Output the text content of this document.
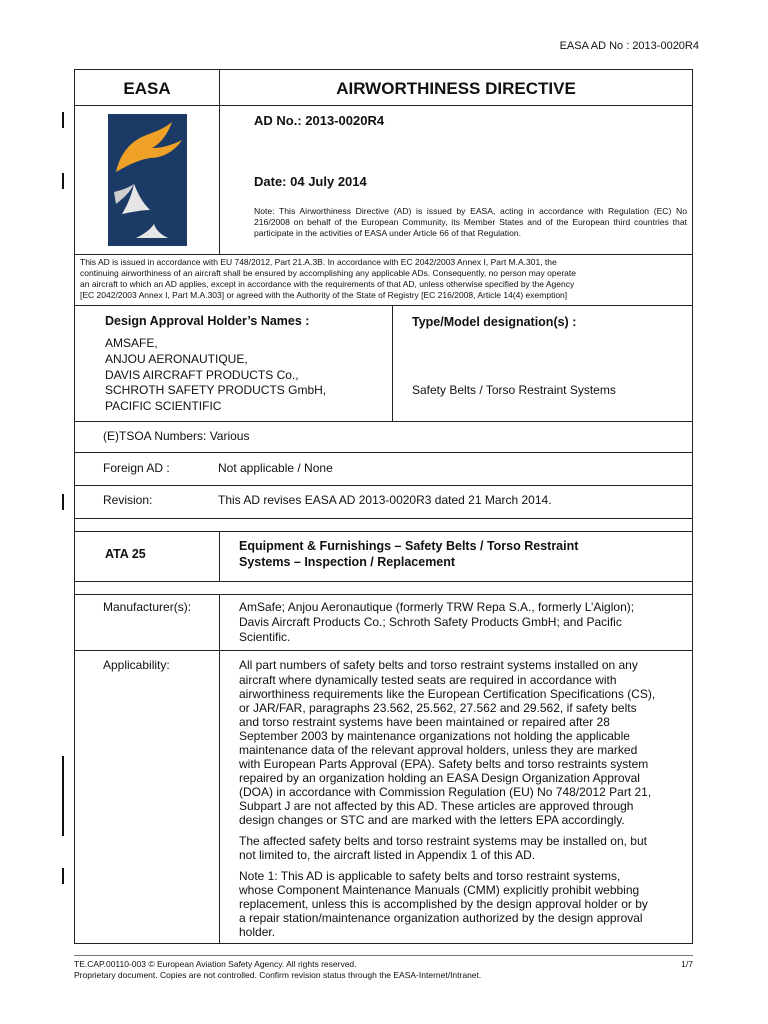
EASA AD No : 2013-0020R4
EASA	AIRWORTHINESS DIRECTIVE
AD No.: 2013-0020R4
Date: 04 July 2014
Note: This Airworthiness Directive (AD) is issued by EASA, acting in accordance with Regulation (EC) No 216/2008 on behalf of the European Community, its Member States and of the European third countries that participate in the activities of EASA under Article 66 of that Regulation.
This AD is issued in accordance with EU 748/2012, Part 21.A.3B. In accordance with EC 2042/2003 Annex I, Part M.A.301, the
continuing airworthiness of an aircraft shall be ensured by accomplishing any applicable ADs. Consequently, no person may operate
an aircraft to which an AD applies, except in accordance with the requirements of that AD, unless otherwise specified by the Agency
[EC 2042/2003 Annex I, Part M.A.303] or agreed with the Authority of the State of Registry [EC 216/2008, Article 14(4) exemption]
Design Approval Holder’s Names :
AMSAFE,
ANJOU AERONAUTIQUE,
DAVIS AIRCRAFT PRODUCTS Co.,
SCHROTH SAFETY PRODUCTS GmbH,
PACIFIC SCIENTIFIC
Type/Model designation(s) :
Safety Belts / Torso Restraint Systems
(E)TSOA Numbers: Various
Foreign AD :	Not applicable / None
Revision:	This AD revises EASA AD 2013-0020R3 dated 21 March 2014.
ATA 25
Equipment & Furnishings – Safety Belts / Torso Restraint
Systems – Inspection / Replacement
Manufacturer(s):	AmSafe; Anjou Aeronautique (formerly TRW Repa S.A., formerly L’Aiglon);
Davis Aircraft Products Co.; Schroth Safety Products GmbH; and Pacific
Scientific.
Applicability:	All part numbers of safety belts and torso restraint systems installed on any
aircraft where dynamically tested seats are required in accordance with
airworthiness requirements like the European Certification Specifications (CS),
or JAR/FAR, paragraphs 23.562, 25.562, 27.562 and 29.562, if safety belts
and torso restraint systems have been maintained or repaired after 28
September 2003 by maintenance organizations not holding the applicable
maintenance data of the relevant approval holders, unless they are marked
with European Parts Approval (EPA). Safety belts and torso restraints system
repaired by an organization holding an EASA Design Organization Approval
(DOA) in accordance with Commission Regulation (EU) No 748/2012 Part 21,
Subpart J are not affected by this AD. These articles are approved through
design changes or STC and are marked with the letters EPA accordingly.
The affected safety belts and torso restraint systems may be installed on, but
not limited to, the aircraft listed in Appendix 1 of this AD.
Note 1: This AD is applicable to safety belts and torso restraint systems,
whose Component Maintenance Manuals (CMM) explicitly prohibit webbing
replacement, unless this is accomplished by the design approval holder or by
a repair station/maintenance organization authorized by the design approval
holder.
TE.CAP.00110-003 © European Aviation Safety Agency. All rights reserved.
Proprietary document. Copies are not controlled. Confirm revision status through the EASA-Internet/Intranet.
1/7
